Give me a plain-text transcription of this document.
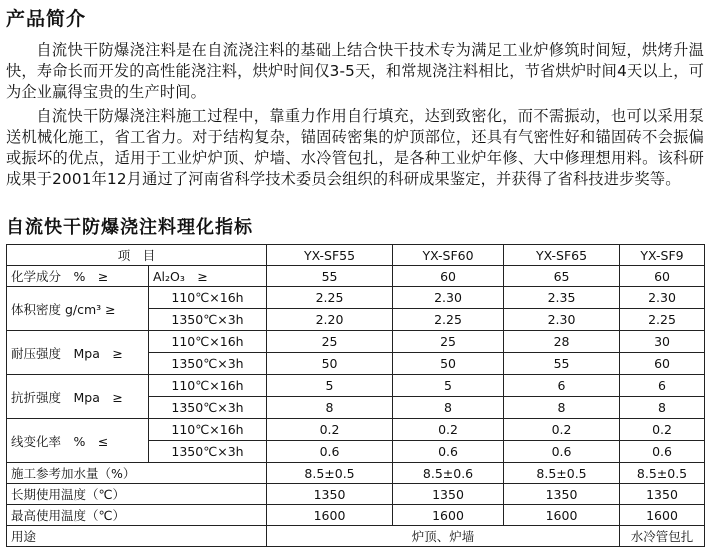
产品简介

自流快干防爆浇注料是在自流浇注料的基础上结合快干技术专为满足工业炉修筑时间短，烘烤升温快，寿命长而开发的高性能浇注料，烘炉时间仅3-5天，和常规浇注料相比，节省烘炉时间4天以上，可为企业赢得宝贵的生产时间。

自流快干防爆浇注料施工过程中，靠重力作用自行填充，达到致密化，而不需振动，也可以采用泵送机械化施工，省工省力。对于结构复杂，锚固砖密集的炉顶部位，还具有气密性好和锚固砖不会振偏或振坏的优点，适用于工业炉炉顶、炉墙、水冷管包扎，是各种工业炉年修、大中修理想用料。该科研成果于2001年12月通过了河南省科学技术委员会组织的科研成果鉴定，并获得了省科技进步奖等。

自流快干防爆浇注料理化指标
项　目		YX-SF55	YX-SF60	YX-SF65	YX-SF9
化学成分　%　≥	Al₂O₃　≥	55	60	65	60
体积密度 g/cm³ ≥	110℃×16h	2.25	2.30	2.35	2.30
	1350℃×3h	2.20	2.25	2.30	2.25
耐压强度　Mpa　≥	110℃×16h	25	25	28	30
	1350℃×3h	50	50	55	60
抗折强度　Mpa　≥	110℃×16h	5	5	6	6
	1350℃×3h	8	8	8	8
线变化率　%　≤	110℃×16h	0.2	0.2	0.2	0.2
	1350℃×3h	0.6	0.6	0.6	0.6
施工参考加水量（%）		8.5±0.5	8.5±0.6	8.5±0.5	8.5±0.5
长期使用温度（℃）		1350	1350	1350	1350
最高使用温度（℃）		1600	1600	1600	1600
用途		炉顶、炉墙			水冷管包扎
